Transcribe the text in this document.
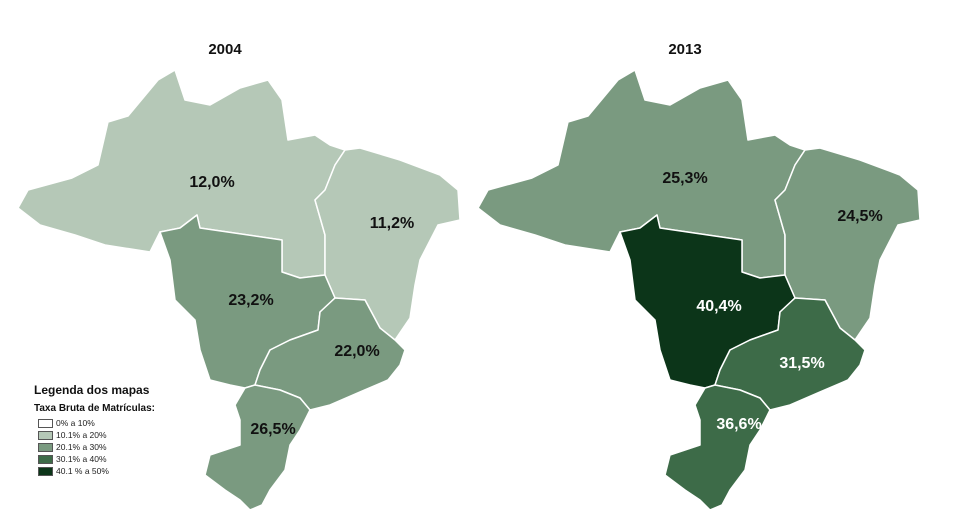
2004	2013
12,0%
11,2%
23,2%
22,0%
26,5%
25,3%
24,5%
40,4%
31,5%
36,6%
Legenda dos mapas
Taxa Bruta de Matrículas:
0% a 10%
10.1% a 20%
20.1% a 30%
30.1% a 40%
40.1 % a 50%
